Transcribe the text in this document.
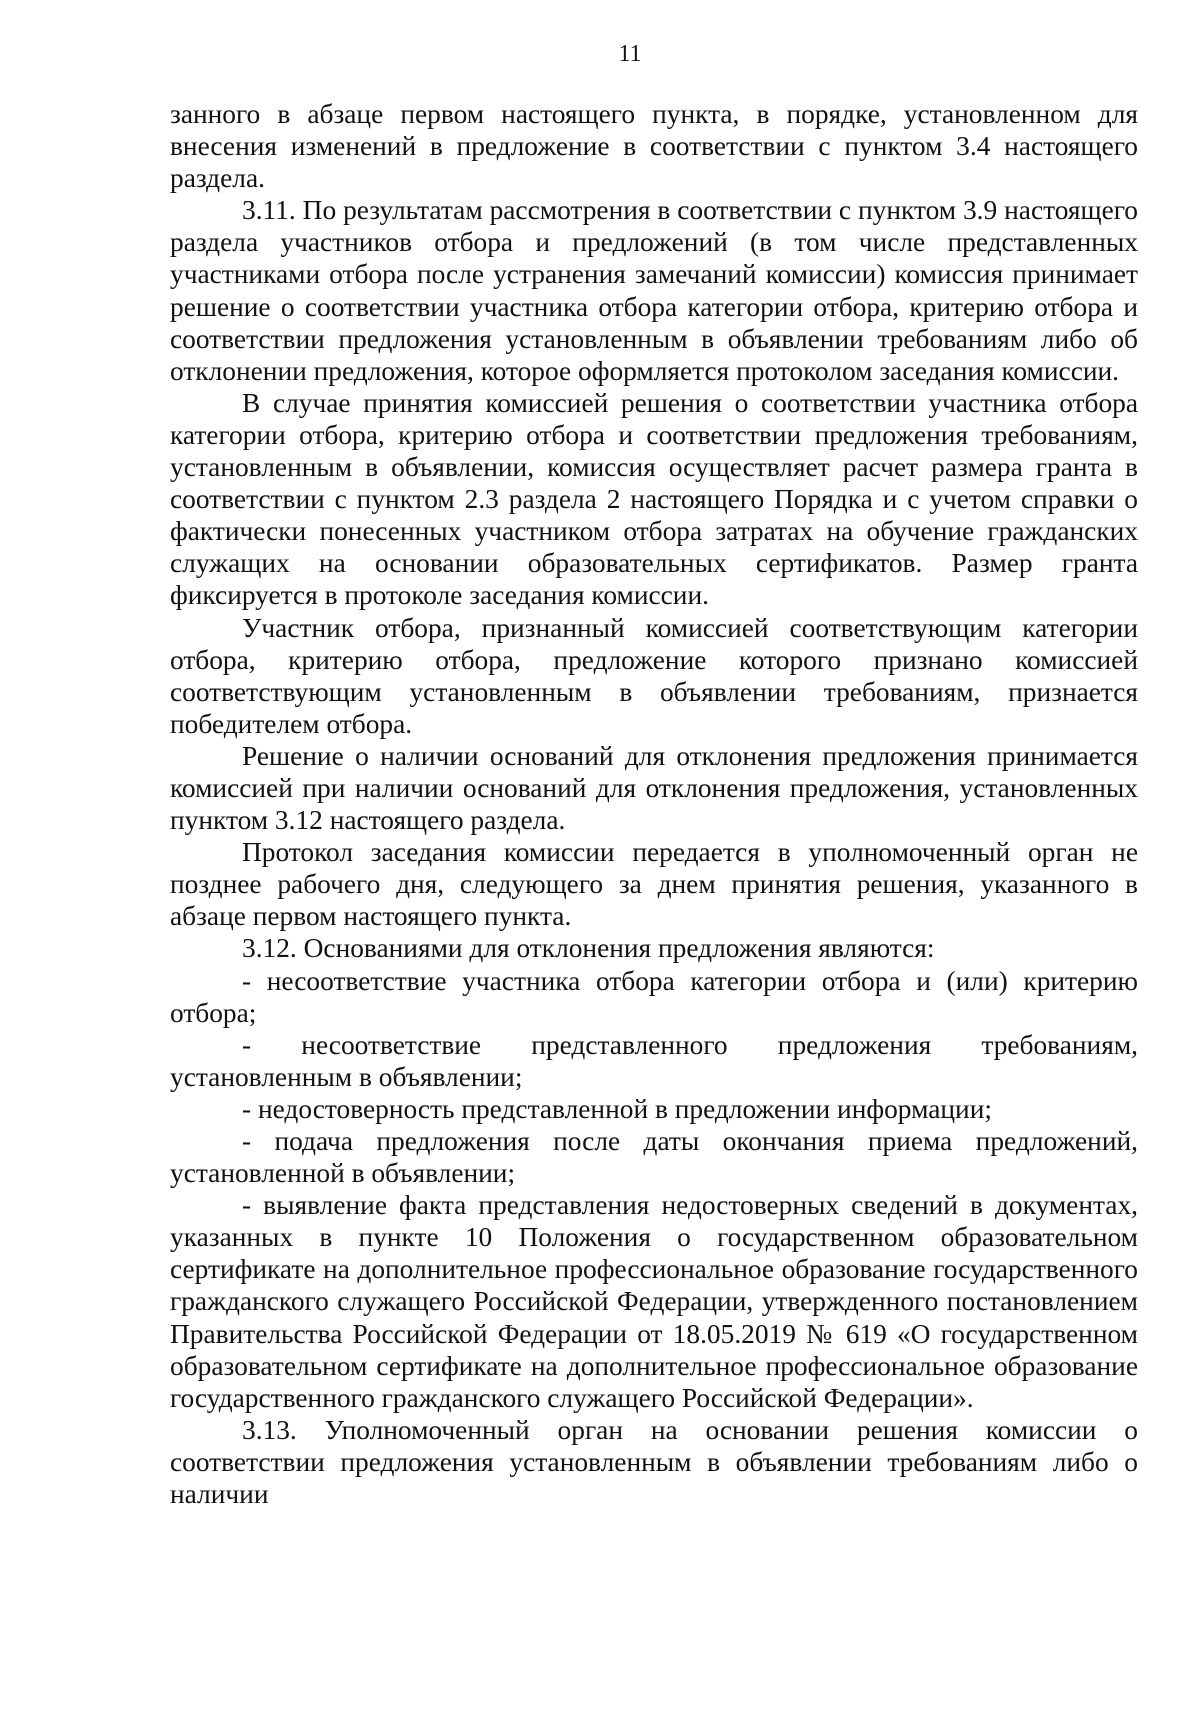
11

занного в абзаце первом настоящего пункта, в порядке, установленном для внесения изменений в предложение в соответствии с пунктом 3.4 настоящего раздела.

3.11. По результатам рассмотрения в соответствии с пунктом 3.9 настоящего раздела участников отбора и предложений (в том числе представленных участниками отбора после устранения замечаний комиссии) комиссия принимает решение о соответствии участника отбора категории отбора, критерию отбора и соответствии предложения установленным в объявлении требованиям либо об отклонении предложения, которое оформляется протоколом заседания комиссии.

В случае принятия комиссией решения о соответствии участника отбора категории отбора, критерию отбора и соответствии предложения требованиям, установленным в объявлении, комиссия осуществляет расчет размера гранта в соответствии с пунктом 2.3 раздела 2 настоящего Порядка и с учетом справки о фактически понесенных участником отбора затратах на обучение гражданских служащих на основании образовательных сертификатов. Размер гранта фиксируется в протоколе заседания комиссии.

Участник отбора, признанный комиссией соответствующим категории отбора, критерию отбора, предложение которого признано комиссией соответствующим установленным в объявлении требованиям, признается победителем отбора.

Решение о наличии оснований для отклонения предложения принимается комиссией при наличии оснований для отклонения предложения, установленных пунктом 3.12 настоящего раздела.

Протокол заседания комиссии передается в уполномоченный орган не позднее рабочего дня, следующего за днем принятия решения, указанного в абзаце первом настоящего пункта.

3.12. Основаниями для отклонения предложения являются:

- несоответствие участника отбора категории отбора и (или) критерию отбора;

- несоответствие представленного предложения требованиям, установленным в объявлении;

- недостоверность представленной в предложении информации;

- подача предложения после даты окончания приема предложений, установленной в объявлении;

- выявление факта представления недостоверных сведений в документах, указанных в пункте 10 Положения о государственном образовательном сертификате на дополнительное профессиональное образование государственного гражданского служащего Российской Федерации, утвержденного постановлением Правительства Российской Федерации от 18.05.2019 № 619 «О государственном образовательном сертификате на дополнительное профессиональное образование государственного гражданского служащего Российской Федерации».

3.13. Уполномоченный орган на основании решения комиссии о соответствии предложения установленным в объявлении требованиям либо о наличии
